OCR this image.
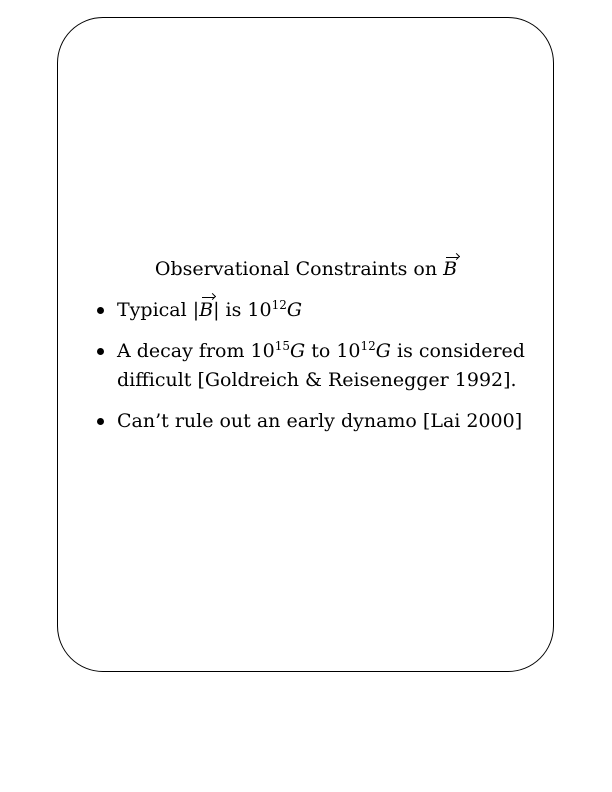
Observational Constraints on B
Typical |B| is $10^{12}G$
A decay from $10^{15}G$ to $10^{12}G$ is considered difficult [Goldreich & Reisenegger 1992].
Can’t rule out an early dynamo [Lai 2000]
